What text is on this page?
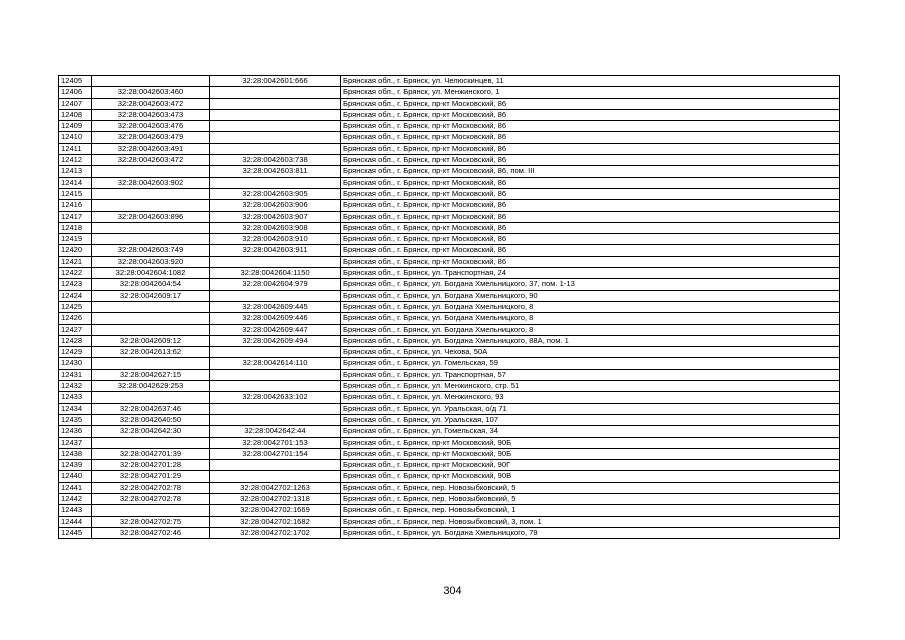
12405		32:28:0042601:666	Брянская обл., г. Брянск, ул. Челюскинцев, 11
12406	32:28:0042603:460		Брянская обл., г. Брянск, ул. Менжинского, 1
12407	32:28:0042603:472		Брянская обл., г. Брянск, пр-кт Московский, 86
12408	32:28:0042603:473		Брянская обл., г. Брянск, пр-кт Московский, 86
12409	32:28:0042603:476		Брянская обл., г. Брянск, пр-кт Московский, 86
12410	32:28:0042603:479		Брянская обл., г. Брянск, пр-кт Московский, 86
12411	32:28:0042603:491		Брянская обл., г. Брянск, пр-кт Московский, 86
12412	32:28:0042603:472	32:28:0042603:738	Брянская обл., г. Брянск, пр-кт Московский, 86
12413		32:28:0042603:811	Брянская обл., г. Брянск, пр-кт Московский, 86, пом. III
12414	32:28:0042603:902		Брянская обл., г. Брянск, пр-кт Московский, 86
12415		32:28:0042603:905	Брянская обл., г. Брянск, пр-кт Московский, 86
12416		32:28:0042603:906	Брянская обл., г. Брянск, пр-кт Московский, 86
12417	32:28:0042603:896	32:28:0042603:907	Брянская обл., г. Брянск, пр-кт Московский, 86
12418		32:28:0042603:908	Брянская обл., г. Брянск, пр-кт Московский, 86
12419		32:28:0042603:910	Брянская обл., г. Брянск, пр-кт Московский, 86
12420	32:28:0042603:749	32:28:0042603:911	Брянская обл., г. Брянск, пр-кт Московский, 86
12421	32:28:0042603:920		Брянская обл., г. Брянск, пр-кт Московский, 86
12422	32:28:0042604:1082	32:28:0042604:1150	Брянская обл., г. Брянск, ул. Транспортная, 24
12423	32:28:0042604:54	32:28:0042604:979	Брянская обл., г. Брянск, ул. Богдана Хмельницкого, 37, пом. 1-13
12424	32:28:0042609:17		Брянская обл., г. Брянск, ул. Богдана Хмельницкого, 90
12425		32:28:0042609:445	Брянская обл., г. Брянск, ул. Богдана Хмельницкого, 8
12426		32:28:0042609:446	Брянская обл., г. Брянск, ул. Богдана Хмельницкого, 8
12427		32:28:0042609:447	Брянская обл., г. Брянск, ул. Богдана Хмельницкого, 8
12428	32:28:0042609:12	32:28:0042609:494	Брянская обл., г. Брянск, ул. Богдана Хмельницкого, 88А, пом. 1
12429	32:28:0042613:62		Брянская обл., г. Брянск, ул. Чехова, 50А
12430		32:28:0042614:110	Брянская обл., г. Брянск, ул. Гомельская, 59
12431	32:28:0042627:15		Брянская обл., г. Брянск, ул. Транспортная, 57
12432	32:28:0042629:253		Брянская обл., г. Брянск, ул. Менжинского, стр. 51
12433		32:28:0042633:102	Брянская обл., г. Брянск, ул. Менжинского, 93
12434	32:28:0042637:46		Брянская обл., г. Брянск, ул. Уральская, о/д 71
12435	32:28:0042640:50		Брянская обл., г. Брянск, ул. Уральская, 107
12436	32:28:0042642:30	32:28:0042642:44	Брянская обл., г. Брянск, ул. Гомельская, 34
12437		32:28:0042701:153	Брянская обл., г. Брянск, пр-кт Московский, 90Б
12438	32:28:0042701:39	32:28:0042701:154	Брянская обл., г. Брянск, пр-кт Московский, 90Б
12439	32:28:0042701:28		Брянская обл., г. Брянск, пр-кт Московский, 90Г
12440	32:28:0042701:29		Брянская обл., г. Брянск, пр-кт Московский, 90В
12441	32:28:0042702:78	32:28:0042702:1263	Брянская обл., г. Брянск, пер. Новозыбковский, 5
12442	32:28:0042702:78	32:28:0042702:1318	Брянская обл., г. Брянск, пер. Новозыбковский, 5
12443		32:28:0042702:1669	Брянская обл., г. Брянск, пер. Новозыбковский, 1
12444	32:28:0042702:75	32:28:0042702:1682	Брянская обл., г. Брянск, пер. Новозыбковский, 3, пом. 1
12445	32:28:0042702:46	32:28:0042702:1702	Брянская обл., г. Брянск, ул. Богдана Хмельницкого, 79
304
